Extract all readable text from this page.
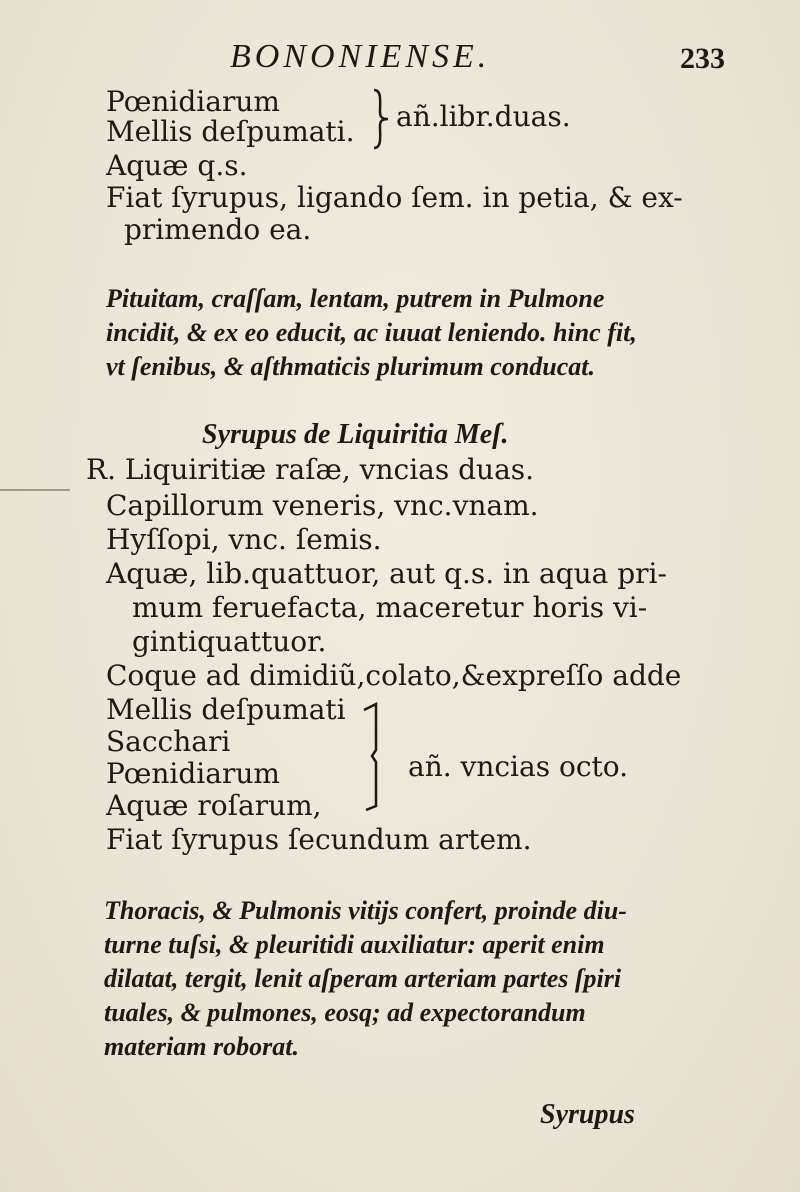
BONONIENSE.	233
Pœnidiarum
Mellis deſpumati. añ.libr.duas.
Aquæ q.s.
Fiat ſyrupus, ligando ſem. in petia, & ex-
primendo ea.
Pituitam, craſſam, lentam, putrem in Pulmone
incidit, & ex eo educit, ac iuuat leniendo. hinc fit,
vt ſenibus, & aſthmaticis plurimum conducat.
Syrupus de Liquiritia Meſ.
R. Liquiritiæ raſæ, vncias duas.
Capillorum veneris, vnc.vnam.
Hyſſopi, vnc. ſemis.
Aquæ, lib.quattuor, aut q.s. in aqua pri-
mum feruefacta, maceretur horis vi-
gintiquattuor.
Coque ad dimidiũ,colato,&expreſſo adde
Mellis deſpumati
Sacchari
Pœnidiarum
Aquæ roſarum,
añ. vncias octo.
Fiat ſyrupus ſecundum artem.
Thoracis, & Pulmonis vitijs confert, proinde diu-
turne tuſsi, & pleuritidi auxiliatur: aperit enim
dilatat, tergit, lenit aſperam arteriam partes ſpiri
tuales, & pulmones, eosq; ad expectorandum
materiam roborat.
Syrupus
